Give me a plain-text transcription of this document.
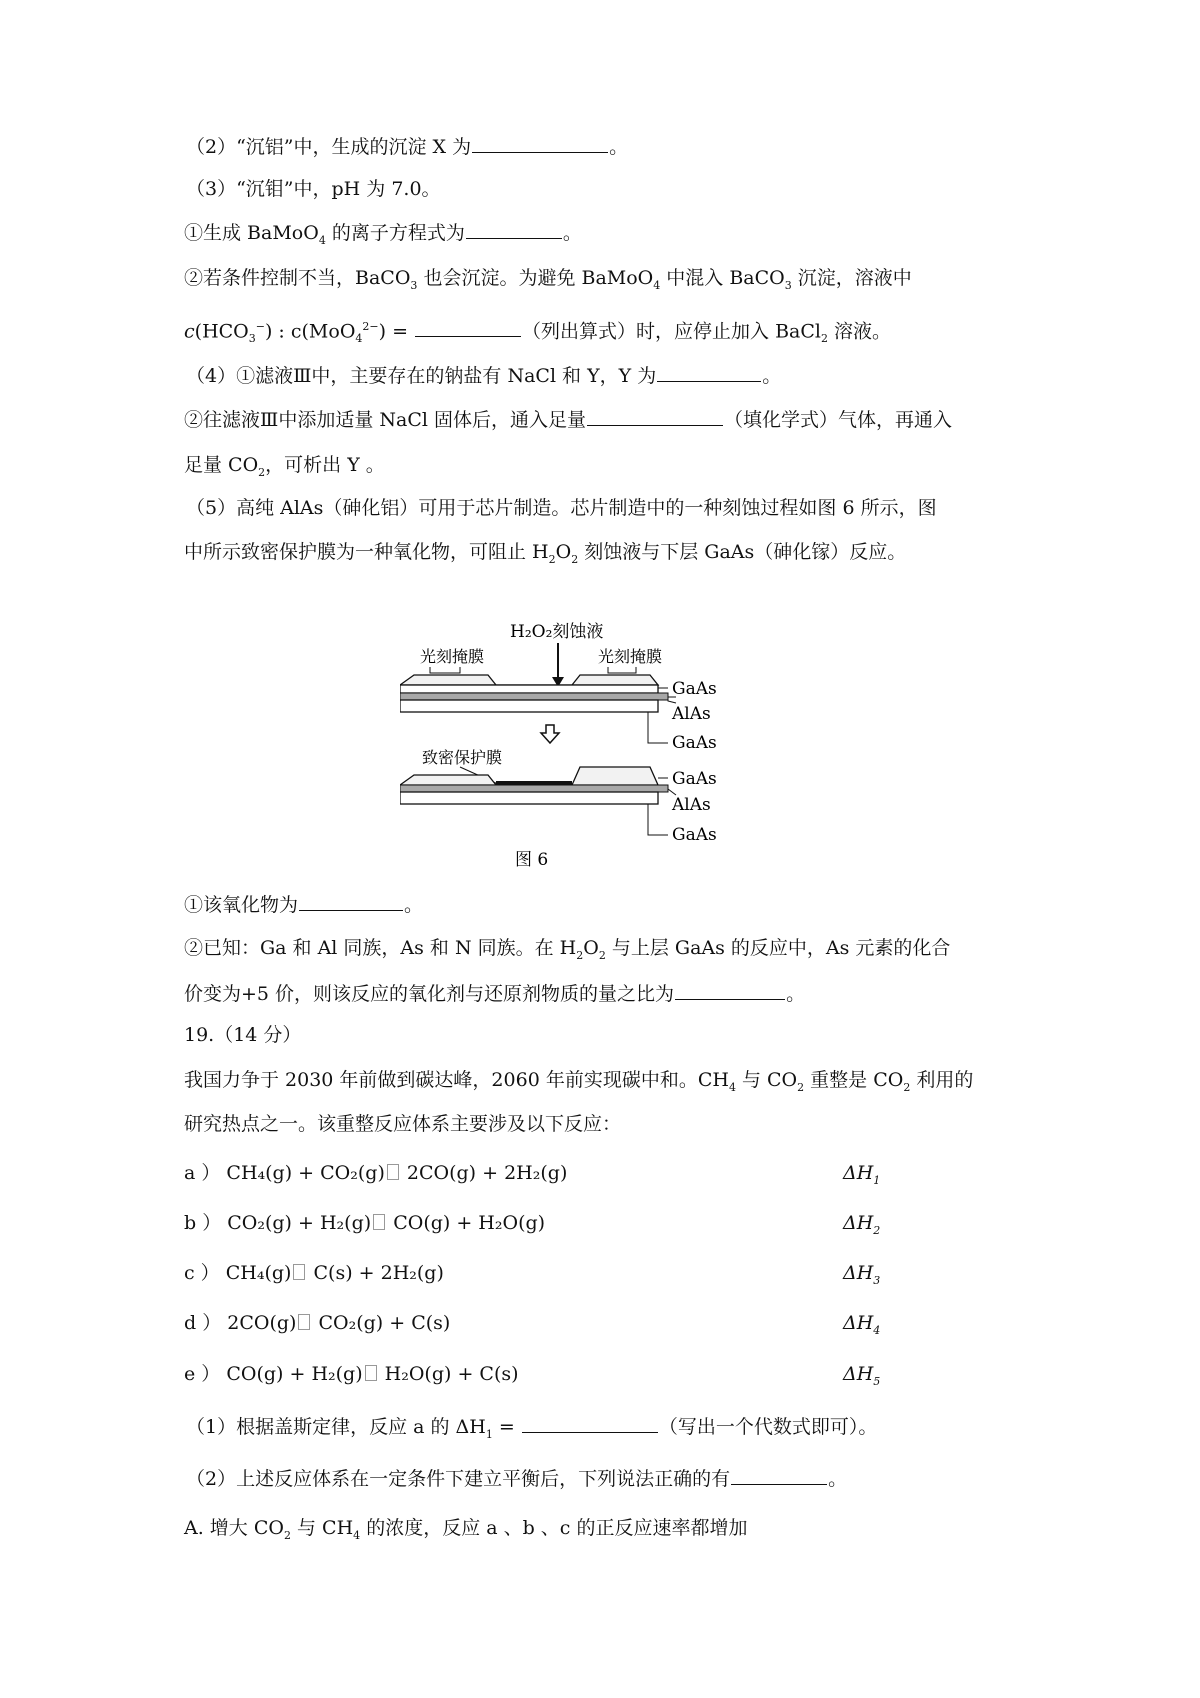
（2）“沉铝”中，生成的沉淀 X 为	。
（3）“沉钼”中，pH 为 7.0。
①生成 BaMoO$_4$ 的离子方程式为	。
②若条件控制不当，BaCO$_3$ 也会沉淀。为避免 BaMoO$_4$ 中混入 BaCO$_3$ 沉淀，溶液中
$c(HCO_3^-)$ : c(MoO$_4^{2-}$) =	（列出算式）时，应停止加入 BaCl$_2$ 溶液。
（4）①滤液Ⅲ中，主要存在的钠盐有 NaCl 和 Y，Y 为	。
②往滤液Ⅲ中添加适量 NaCl 固体后，通入足量	（填化学式）气体，再通入
足量 $CO_2$，可析出 Y 。
（5）高纯 AlAs（砷化铝）可用于芯片制造。芯片制造中的一种刻蚀过程如图 6 所示，图
中所示致密保护膜为一种氧化物，可阻止 $H_2O_2$ 刻蚀液与下层 GaAs（砷化镓）反应。
H₂O₂刻蚀液
光刻掩膜	光刻掩膜
GaAs
AlAs
GaAs
致密保护膜
GaAs
AlAs
GaAs
图 6
①该氧化物为	。
②已知：Ga 和 Al 同族，As 和 N 同族。在 $H_2O_2$ 与上层 GaAs 的反应中，As 元素的化合
价变为+5 价，则该反应的氧化剂与还原剂物质的量之比为	。
19.（14 分）
我国力争于 2030 年前做到碳达峰，2060 年前实现碳中和。$CH_4$ 与 $CO_2$ 重整是 $CO_2$ 利用的
研究热点之一。该重整反应体系主要涉及以下反应：
a ） CH₄(g) + CO₂(g) 2CO(g) + 2H₂(g)	$\Delta H_1$
b ） CO₂(g) + H₂(g) CO(g) + H₂O(g)	$\Delta H_2$
c ） CH₄(g) C(s) + 2H₂(g)	$\Delta H_3$
d ） 2CO(g) CO₂(g) + C(s)	$\Delta H_4$
e ） CO(g) + H₂(g) H₂O(g) + C(s)	$\Delta H_5$
（1）根据盖斯定律，反应 a 的 $\Delta H_1$ =	（写出一个代数式即可）。
（2）上述反应体系在一定条件下建立平衡后，下列说法正确的有	。
A. 增大 $CO_2$ 与 $CH_4$ 的浓度，反应 a 、b 、c 的正反应速率都增加
